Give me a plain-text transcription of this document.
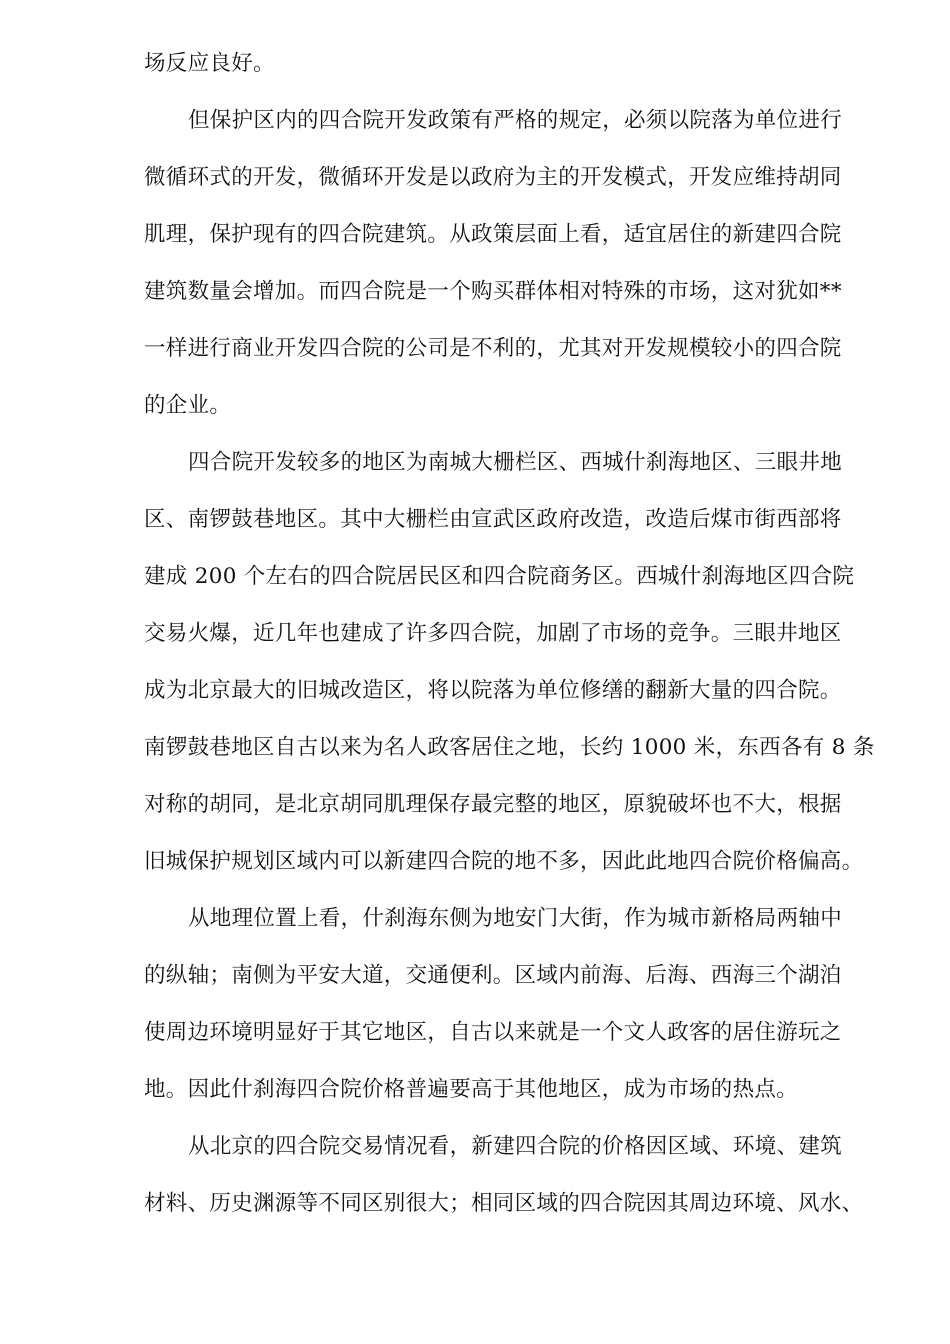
场反应良好。
但保护区内的四合院开发政策有严格的规定，必须以院落为单位进行
微循环式的开发，微循环开发是以政府为主的开发模式，开发应维持胡同
肌理，保护现有的四合院建筑。从政策层面上看，适宜居住的新建四合院
建筑数量会增加。而四合院是一个购买群体相对特殊的市场，这对犹如**
一样进行商业开发四合院的公司是不利的，尤其对开发规模较小的四合院
的企业。
四合院开发较多的地区为南城大栅栏区、西城什刹海地区、三眼井地
区、南锣鼓巷地区。其中大栅栏由宣武区政府改造，改造后煤市街西部将
建成 200 个左右的四合院居民区和四合院商务区。西城什刹海地区四合院
交易火爆，近几年也建成了许多四合院，加剧了市场的竞争。三眼井地区
成为北京最大的旧城改造区，将以院落为单位修缮的翻新大量的四合院。
南锣鼓巷地区自古以来为名人政客居住之地，长约 1000 米，东西各有 8 条
对称的胡同，是北京胡同肌理保存最完整的地区，原貌破坏也不大，根据
旧城保护规划区域内可以新建四合院的地不多，因此此地四合院价格偏高。
从地理位置上看，什刹海东侧为地安门大街，作为城市新格局两轴中
的纵轴；南侧为平安大道，交通便利。区域内前海、后海、西海三个湖泊
使周边环境明显好于其它地区，自古以来就是一个文人政客的居住游玩之
地。因此什刹海四合院价格普遍要高于其他地区，成为市场的热点。
从北京的四合院交易情况看，新建四合院的价格因区域、环境、建筑
材料、历史渊源等不同区别很大；相同区域的四合院因其周边环境、风水、
